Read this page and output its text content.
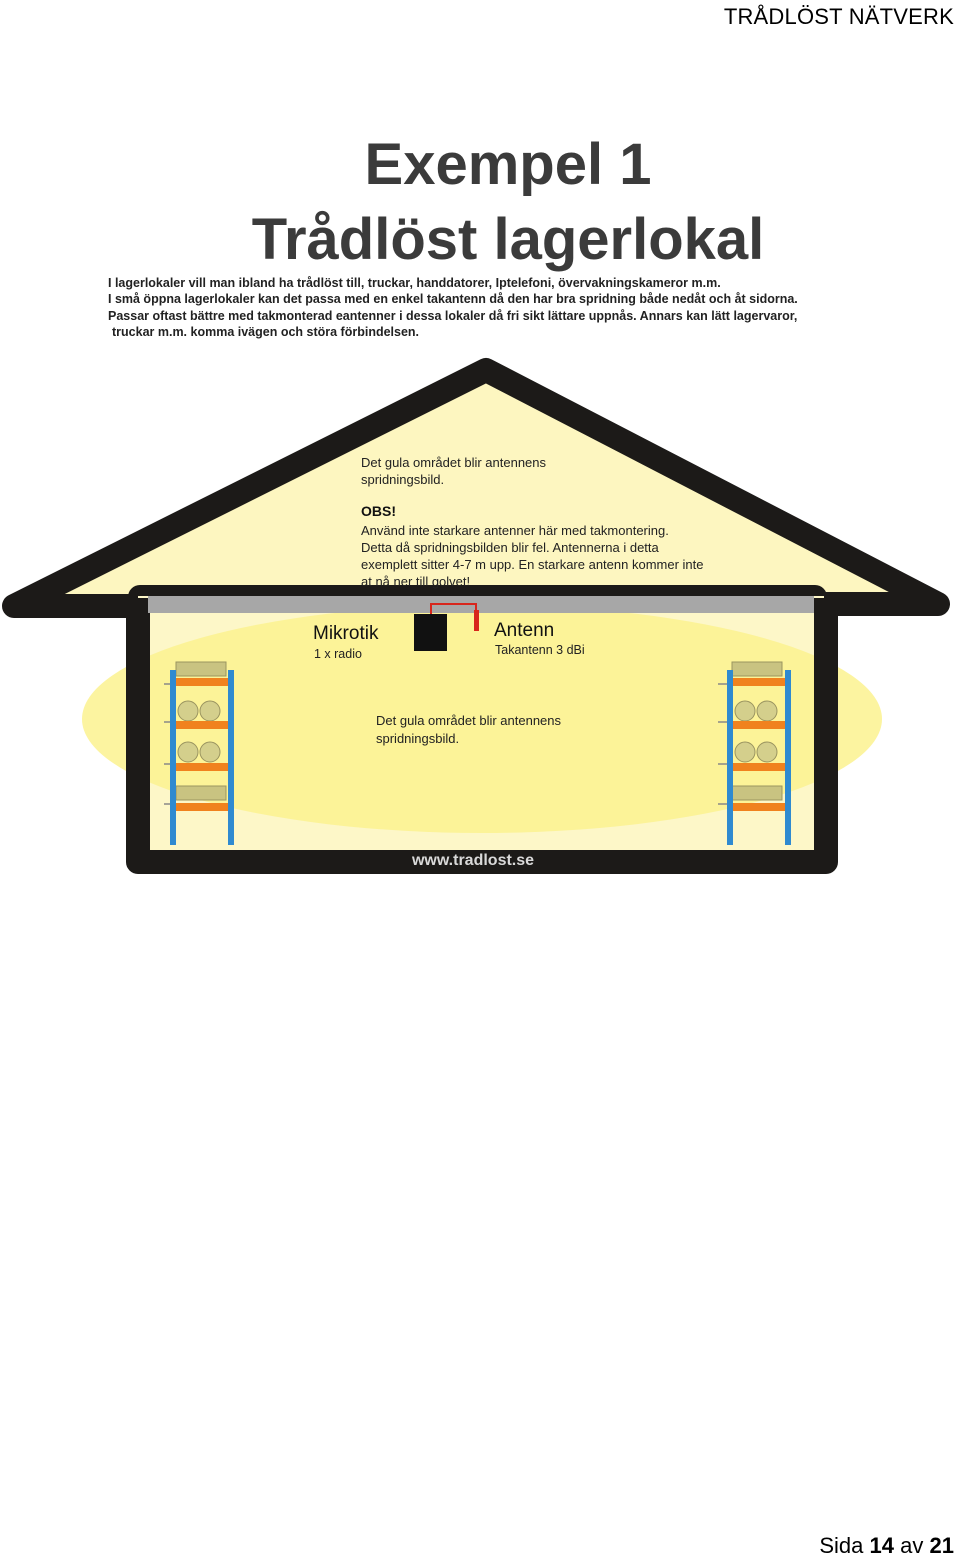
TRÅDLÖST NÄTVERK
Exempel 1
Trådlöst lagerlokal
I lagerlokaler vill man ibland ha trådlöst till, truckar, handdatorer, Iptelefoni, övervakningskameror m.m.
I små öppna lagerlokaler kan det passa med en enkel takantenn då den har bra spridning både nedåt och åt sidorna.
Passar oftast bättre med takmonterad eantenner i dessa lokaler då fri sikt lättare uppnås. Annars kan lätt lagervaror,
truckar m.m. komma ivägen och störa förbindelsen.
Det gula området blir antennens
spridningsbild.
OBS!
Använd inte starkare antenner här med takmontering.
Detta då spridningsbilden blir fel. Antennerna i detta
exemplett sitter 4-7 m upp. En starkare antenn kommer inte
at nå ner till golvet!
Mikrotik
1 x radio
Antenn
Takantenn 3 dBi
Det gula området blir antennens
spridningsbild.
www.tradlost.se
Sida 14 av 21
